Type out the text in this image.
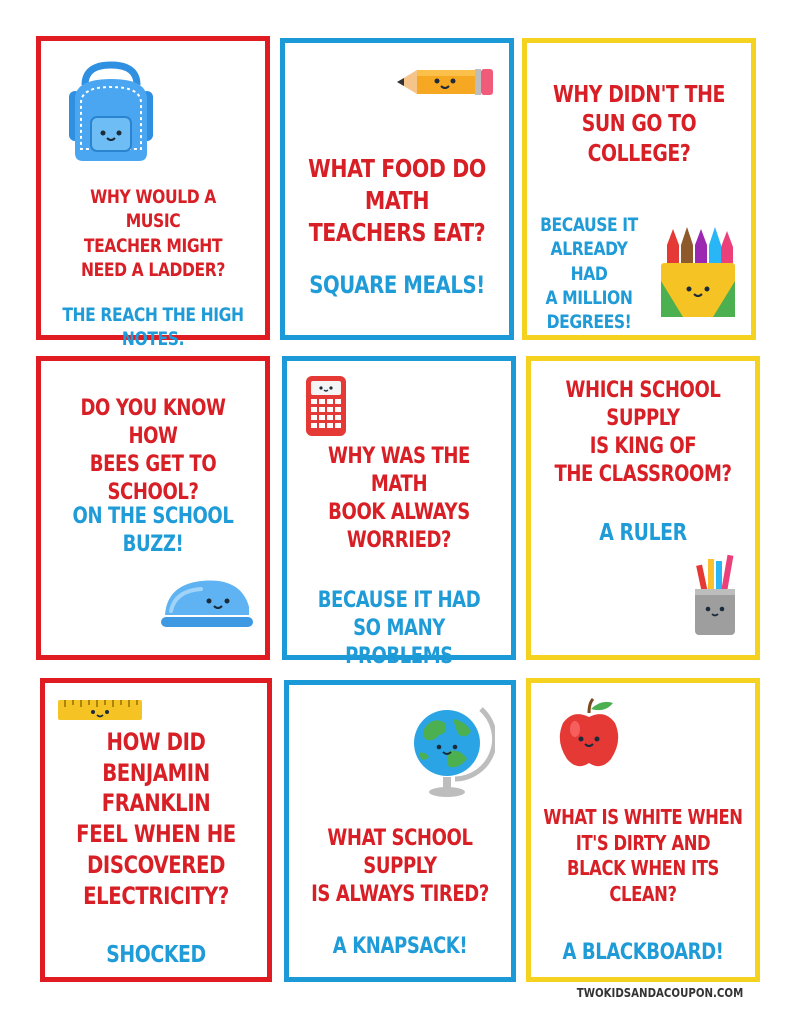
WHY WOULD A MUSIC
TEACHER MIGHT
NEED A LADDER?
THE REACH THE HIGH NOTES.
WHAT FOOD DO MATH
TEACHERS EAT?
SQUARE MEALS!
WHY DIDN'T THE
SUN GO TO COLLEGE?
BECAUSE IT
ALREADY HAD
A MILLION
DEGREES!
DO YOU KNOW HOW
BEES GET TO SCHOOL?
ON THE SCHOOL BUZZ!
WHY WAS THE MATH
BOOK ALWAYS
WORRIED?
BECAUSE IT HAD
SO MANY PROBLEMS
WHICH SCHOOL SUPPLY
IS KING OF
THE CLASSROOM?
A RULER
HOW DID
BENJAMIN FRANKLIN
FEEL WHEN HE
DISCOVERED
ELECTRICITY?
SHOCKED
WHAT SCHOOL SUPPLY
IS ALWAYS TIRED?
A KNAPSACK!
WHAT IS WHITE WHEN
IT'S DIRTY AND
BLACK WHEN ITS CLEAN?
A BLACKBOARD!
TWOKIDSANDACOUPON.COM
